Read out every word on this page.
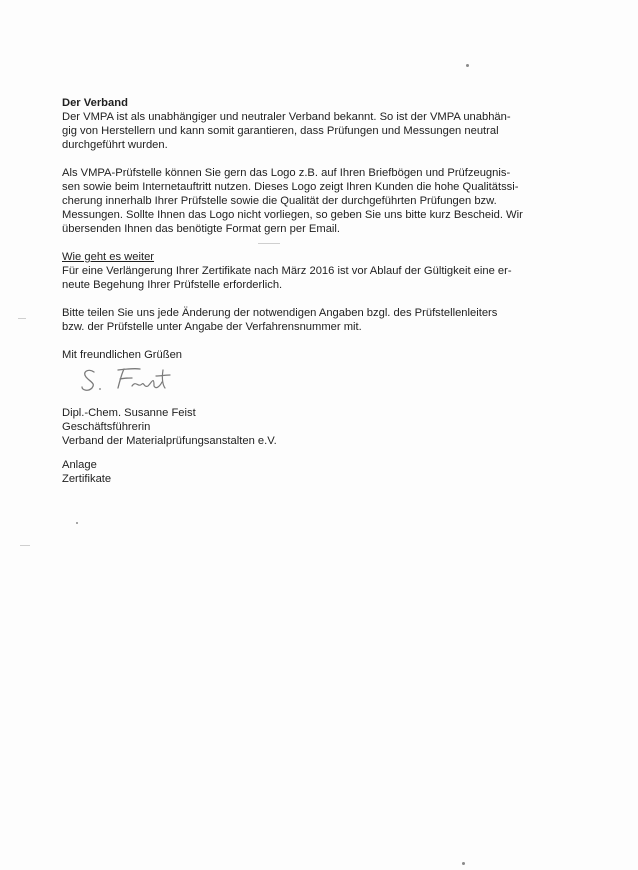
Der Verband

Der VMPA ist als unabhängiger und neutraler Verband bekannt. So ist der VMPA unabhän-

gig von Herstellern und kann somit garantieren, dass Prüfungen und Messungen neutral

durchgeführt wurden.

Als VMPA-Prüfstelle können Sie gern das Logo z.B. auf Ihren Briefbögen und Prüfzeugnis-

sen sowie beim Internetauftritt nutzen. Dieses Logo zeigt Ihren Kunden die hohe Qualitätssi-

cherung innerhalb Ihrer Prüfstelle sowie die Qualität der durchgeführten Prüfungen bzw.

Messungen. Sollte Ihnen das Logo nicht vorliegen, so geben Sie uns bitte kurz Bescheid. Wir

übersenden Ihnen das benötigte Format gern per Email.

Wie geht es weiter

Für eine Verlängerung Ihrer Zertifikate nach März 2016 ist vor Ablauf der Gültigkeit eine er-

neute Begehung Ihrer Prüfstelle erforderlich.

Bitte teilen Sie uns jede Änderung der notwendigen Angaben bzgl. des Prüfstellenleiters

bzw. der Prüfstelle unter Angabe der Verfahrensnummer mit.

Mit freundlichen Grüßen

Dipl.-Chem. Susanne Feist

Geschäftsführerin

Verband der Materialprüfungsanstalten e.V.

Anlage

Zertifikate
